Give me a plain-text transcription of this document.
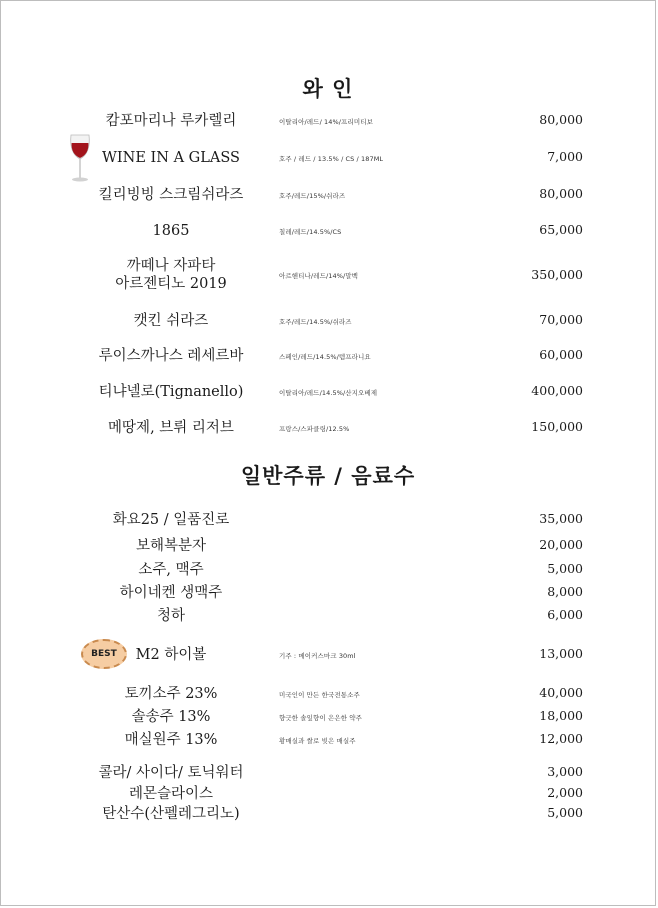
와 인
캄포마리나 루카렐리	이탈리아/레드/ 14%/프리미티보	80,000
WINE IN A GLASS	호주 / 레드 / 13.5% / CS / 187ML	7,000
킬리빙빙 스크림쉬라즈	호주/레드/15%/쉬라즈	80,000
1865	칠레/레드/14.5%/CS	65,000
까떼나 자파타
아르젠티노 2019	아르헨티나/레드/14%/말벡	350,000
캣킨 쉬라즈	호주/레드/14.5%/쉬라즈	70,000
루이스까나스 레세르바	스페인/레드/14.5%/템프라니요	60,000
티냐넬로(Tignanello)	이탈리아/레드/14.5%/산지오베제	400,000
메땅제, 브뤼 리저브	프랑스/스파클링/12.5%	150,000
일반주류 / 음료수
화요25 / 일품진로	35,000
보해복분자	20,000
소주, 맥주	5,000
하이네켄 생맥주	8,000
청하	6,000
BEST	M2 하이볼	기주 : 메이커스마크 30ml	13,000
토끼소주 23%	미국인이 만든 한국전통소주	40,000
솔송주 13%	향긋한 솔잎향이 은은한 약주	18,000
매실원주 13%	황매실과 쌀로 빚은 매실주	12,000
콜라/ 사이다/ 토닉워터	3,000
레몬슬라이스	2,000
탄산수(산펠레그리노)	5,000
